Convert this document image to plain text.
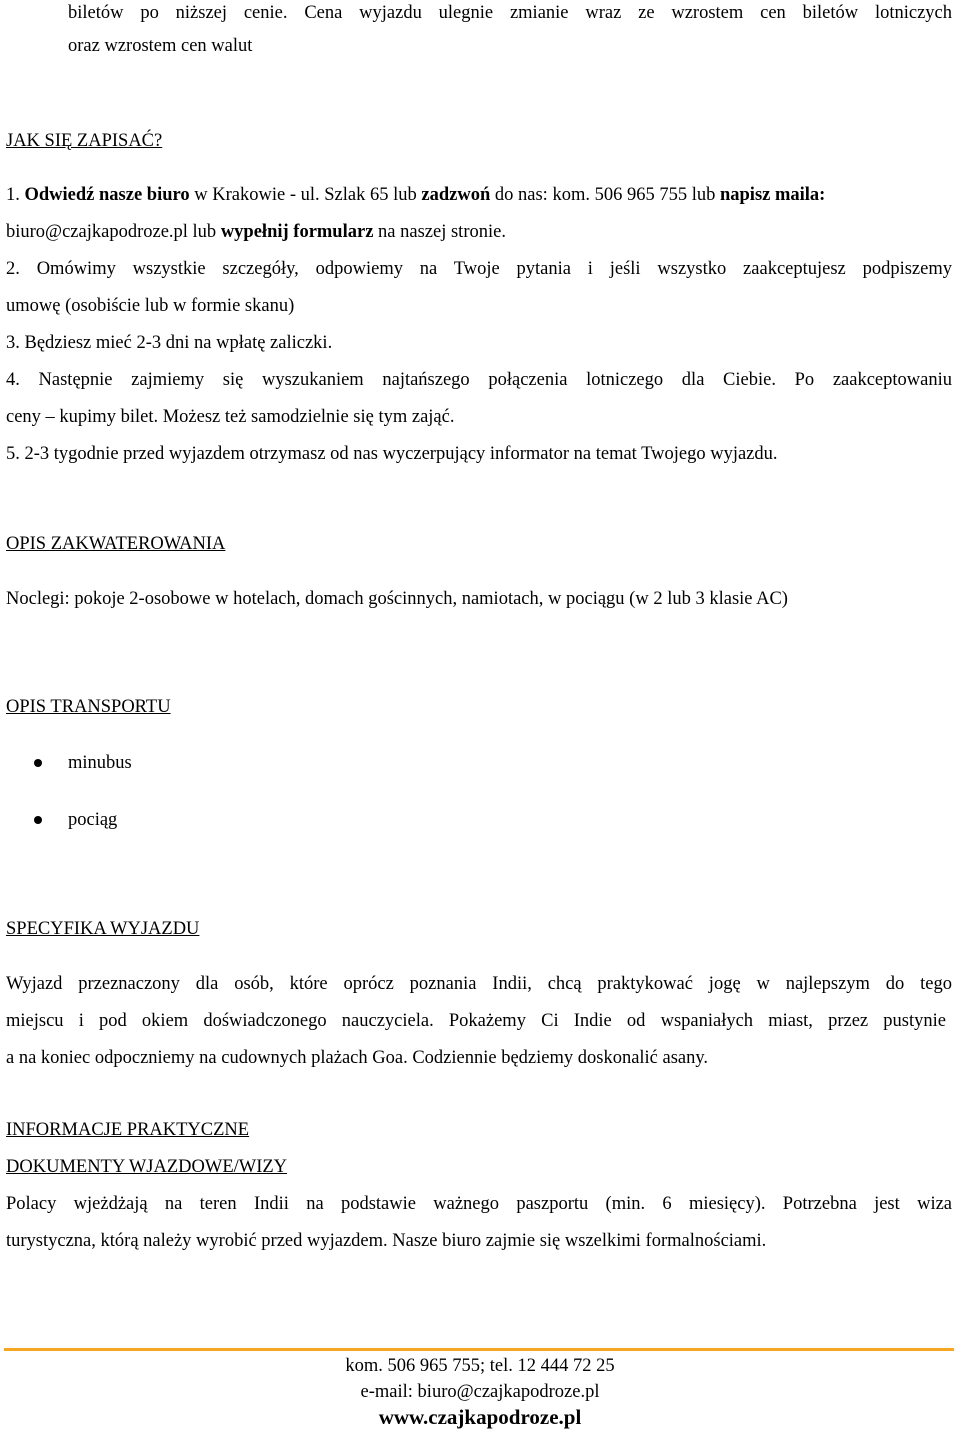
biletów po niższej cenie. Cena wyjazdu ulegnie zmianie wraz ze wzrostem cen biletów lotniczych
oraz wzrostem cen walut
JAK SIĘ ZAPISAĆ?
1. Odwiedź nasze biuro w Krakowie - ul. Szlak 65 lub zadzwoń do nas: kom. 506 965 755 lub napisz maila:
biuro@czajkapodroze.pl lub wypełnij formularz na naszej stronie.
2. Omówimy wszystkie szczegóły, odpowiemy na Twoje pytania i jeśli wszystko zaakceptujesz podpiszemy
umowę (osobiście lub w formie skanu)
3. Będziesz mieć 2-3 dni na wpłatę zaliczki.
4. Następnie zajmiemy się wyszukaniem najtańszego połączenia lotniczego dla Ciebie. Po zaakceptowaniu
ceny – kupimy bilet. Możesz też samodzielnie się tym zająć.
5. 2-3 tygodnie przed wyjazdem otrzymasz od nas wyczerpujący informator na temat Twojego wyjazdu.
OPIS ZAKWATEROWANIA
Noclegi: pokoje 2-osobowe w hotelach, domach gościnnych, namiotach, w pociągu (w 2 lub 3 klasie AC)
OPIS TRANSPORTU
minubus
pociąg
SPECYFIKA WYJAZDU
Wyjazd przeznaczony dla osób, które oprócz poznania Indii, chcą praktykować jogę w najlepszym do tego
miejscu i pod okiem doświadczonego nauczyciela. Pokażemy Ci Indie od wspaniałych miast, przez pustynie
a na koniec odpoczniemy na cudownych plażach Goa. Codziennie będziemy doskonalić asany.
INFORMACJE PRAKTYCZNE
DOKUMENTY WJAZDOWE/WIZY
Polacy wjeżdżają na teren Indii na podstawie ważnego paszportu (min. 6 miesięcy). Potrzebna jest wiza
turystyczna, którą należy wyrobić przed wyjazdem. Nasze biuro zajmie się wszelkimi formalnościami.
kom. 506 965 755; tel. 12 444 72 25
e-mail: biuro@czajkapodroze.pl
www.czajkapodroze.pl
